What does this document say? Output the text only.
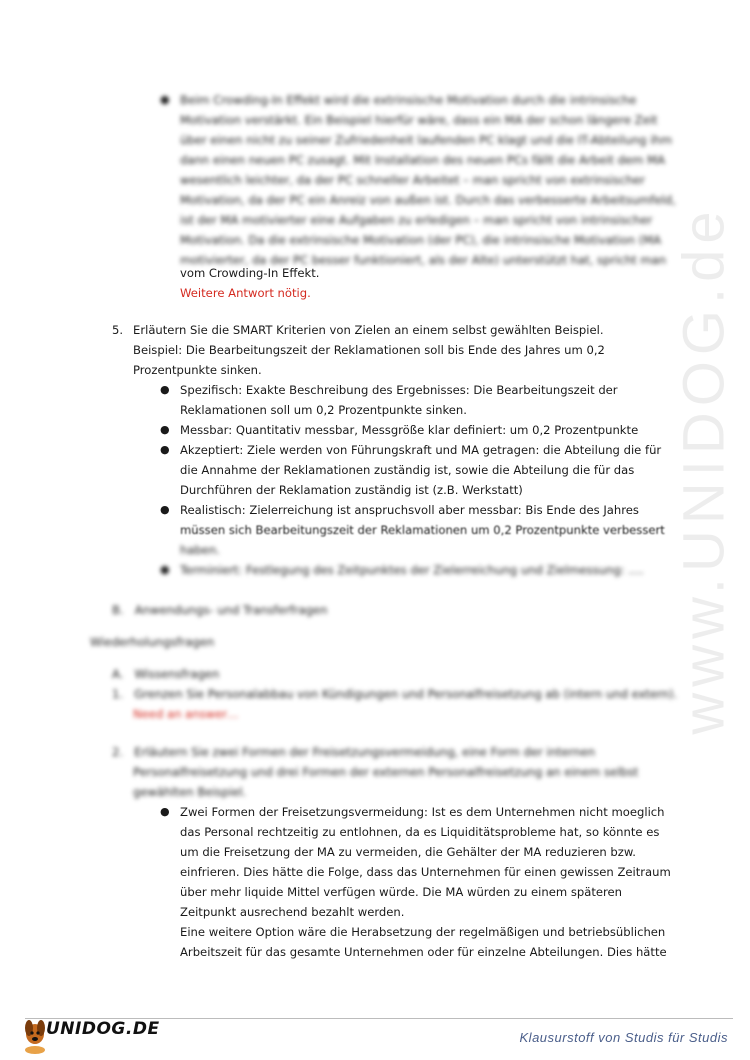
www.UNIDOG.de
● Beim Crowding-In Effekt wird die extrinsische Motivation durch die intrinsische
Motivation verstärkt. Ein Beispiel hierfür wäre, dass ein MA der schon längere Zeit
über einen nicht zu seiner Zufriedenheit laufenden PC klagt und die IT-Abteilung ihm
dann einen neuen PC zusagt. Mit Installation des neuen PCs fällt die Arbeit dem MA
wesentlich leichter, da der PC schneller Arbeitet – man spricht von extrinsischer
Motivation, da der PC ein Anreiz von außen ist. Durch das verbesserte Arbeitsumfeld,
ist der MA motivierter eine Aufgaben zu erledigen – man spricht von intrinsischer
Motivation. Da die extrinsische Motivation (der PC), die intrinsische Motivation (MA
motivierter, da der PC besser funktioniert, als der Alte) unterstützt hat, spricht man
vom Crowding-In Effekt.
Weitere Antwort nötig.
5. Erläutern Sie die SMART Kriterien von Zielen an einem selbst gewählten Beispiel.
Beispiel: Die Bearbeitungszeit der Reklamationen soll bis Ende des Jahres um 0,2
Prozentpunkte sinken.
● Spezifisch: Exakte Beschreibung des Ergebnisses: Die Bearbeitungszeit der
Reklamationen soll um 0,2 Prozentpunkte sinken.
● Messbar: Quantitativ messbar, Messgröße klar definiert: um 0,2 Prozentpunkte
● Akzeptiert: Ziele werden von Führungskraft und MA getragen: die Abteilung die für
die Annahme der Reklamationen zuständig ist, sowie die Abteilung die für das
Durchführen der Reklamation zuständig ist (z.B. Werkstatt)
● Realistisch: Zielerreichung ist anspruchsvoll aber messbar: Bis Ende des Jahres
müssen sich Bearbeitungszeit der Reklamationen um 0,2 Prozentpunkte verbessert
haben.
● Terminiert: Festlegung des Zeitpunktes der Zielerreichung und Zielmessung: ….
B.   Anwendungs- und Transferfragen
Wiederholungsfragen
A.   Wissensfragen
1.   Grenzen Sie Personalabbau von Kündigungen und Personalfreisetzung ab (intern und extern).
Need an answer…
2.   Erläutern Sie zwei Formen der Freisetzungsvermeidung, eine Form der internen
Personalfreisetzung und drei Formen der externen Personalfreisetzung an einem selbst
gewählten Beispiel.
● Zwei Formen der Freisetzungsvermeidung: Ist es dem Unternehmen nicht moeglich
das Personal rechtzeitig zu entlohnen, da es Liquiditätsprobleme hat, so könnte es
um die Freisetzung der MA zu vermeiden, die Gehälter der MA reduzieren bzw.
einfrieren. Dies hätte die Folge, dass das Unternehmen für einen gewissen Zeitraum
über mehr liquide Mittel verfügen würde. Die MA würden zu einem späteren
Zeitpunkt ausrechend bezahlt werden.
Eine weitere Option wäre die Herabsetzung der regelmäßigen und betriebsüblichen
Arbeitszeit für das gesamte Unternehmen oder für einzelne Abteilungen. Dies hätte
UNIDOG.DE	Klausurstoff von Studis für Studis
